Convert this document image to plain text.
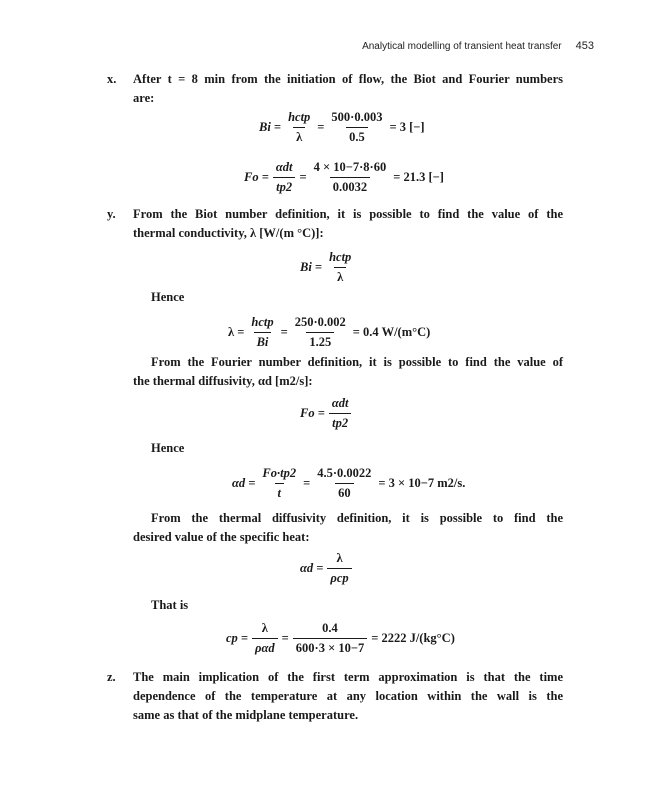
Analytical modelling of transient heat transfer 453
x. After t = 8 min from the initiation of flow, the Biot and Fourier numbers
are:
$Bi = \frac{\text{hctp}}{\lambda} = \frac{500\cdot 0.003}{0.5} = 3$ [−]
$Fo = \frac{\text{αdt}}{tp2} = \frac{4 \times 10-7\cdot 8\cdot 60}{0.0032} = 21.3$ [−]
y. From the Biot number definition, it is possible to find the value of the
thermal conductivity, λ [W/(m °C)]:
$Bi = \frac{\text{hctp}}{\lambda}$
Hence
$\lambda = \frac{\text{hctp}}{Bi} = \frac{250\cdot 0.002}{1.25} = 0.4$ W/(m°C)
From the Fourier number definition, it is possible to find the value of
the thermal diffusivity, αd [m2/s]:
$Fo = \frac{\text{αdt}}{tp2}$
Hence
$\alpha d = \frac{Fo\cdot tp2}{t} = \frac{4.5\cdot 0.0022}{60} = 3 \times 10-7$ m2/s.
From the thermal diffusivity definition, it is possible to find the
desired value of the specific heat:
$\alpha d = \frac{\lambda}{\text{ρcp}}$
That is
cp = $\frac{\lambda}{\text{ραd}} = \frac{0.4}{600\cdot 3 \times 10-7} = 2222$ J/(kg°C)
z. The main implication of the first term approximation is that the time
dependence of the temperature at any location within the wall is the
same as that of the midplane temperature.
